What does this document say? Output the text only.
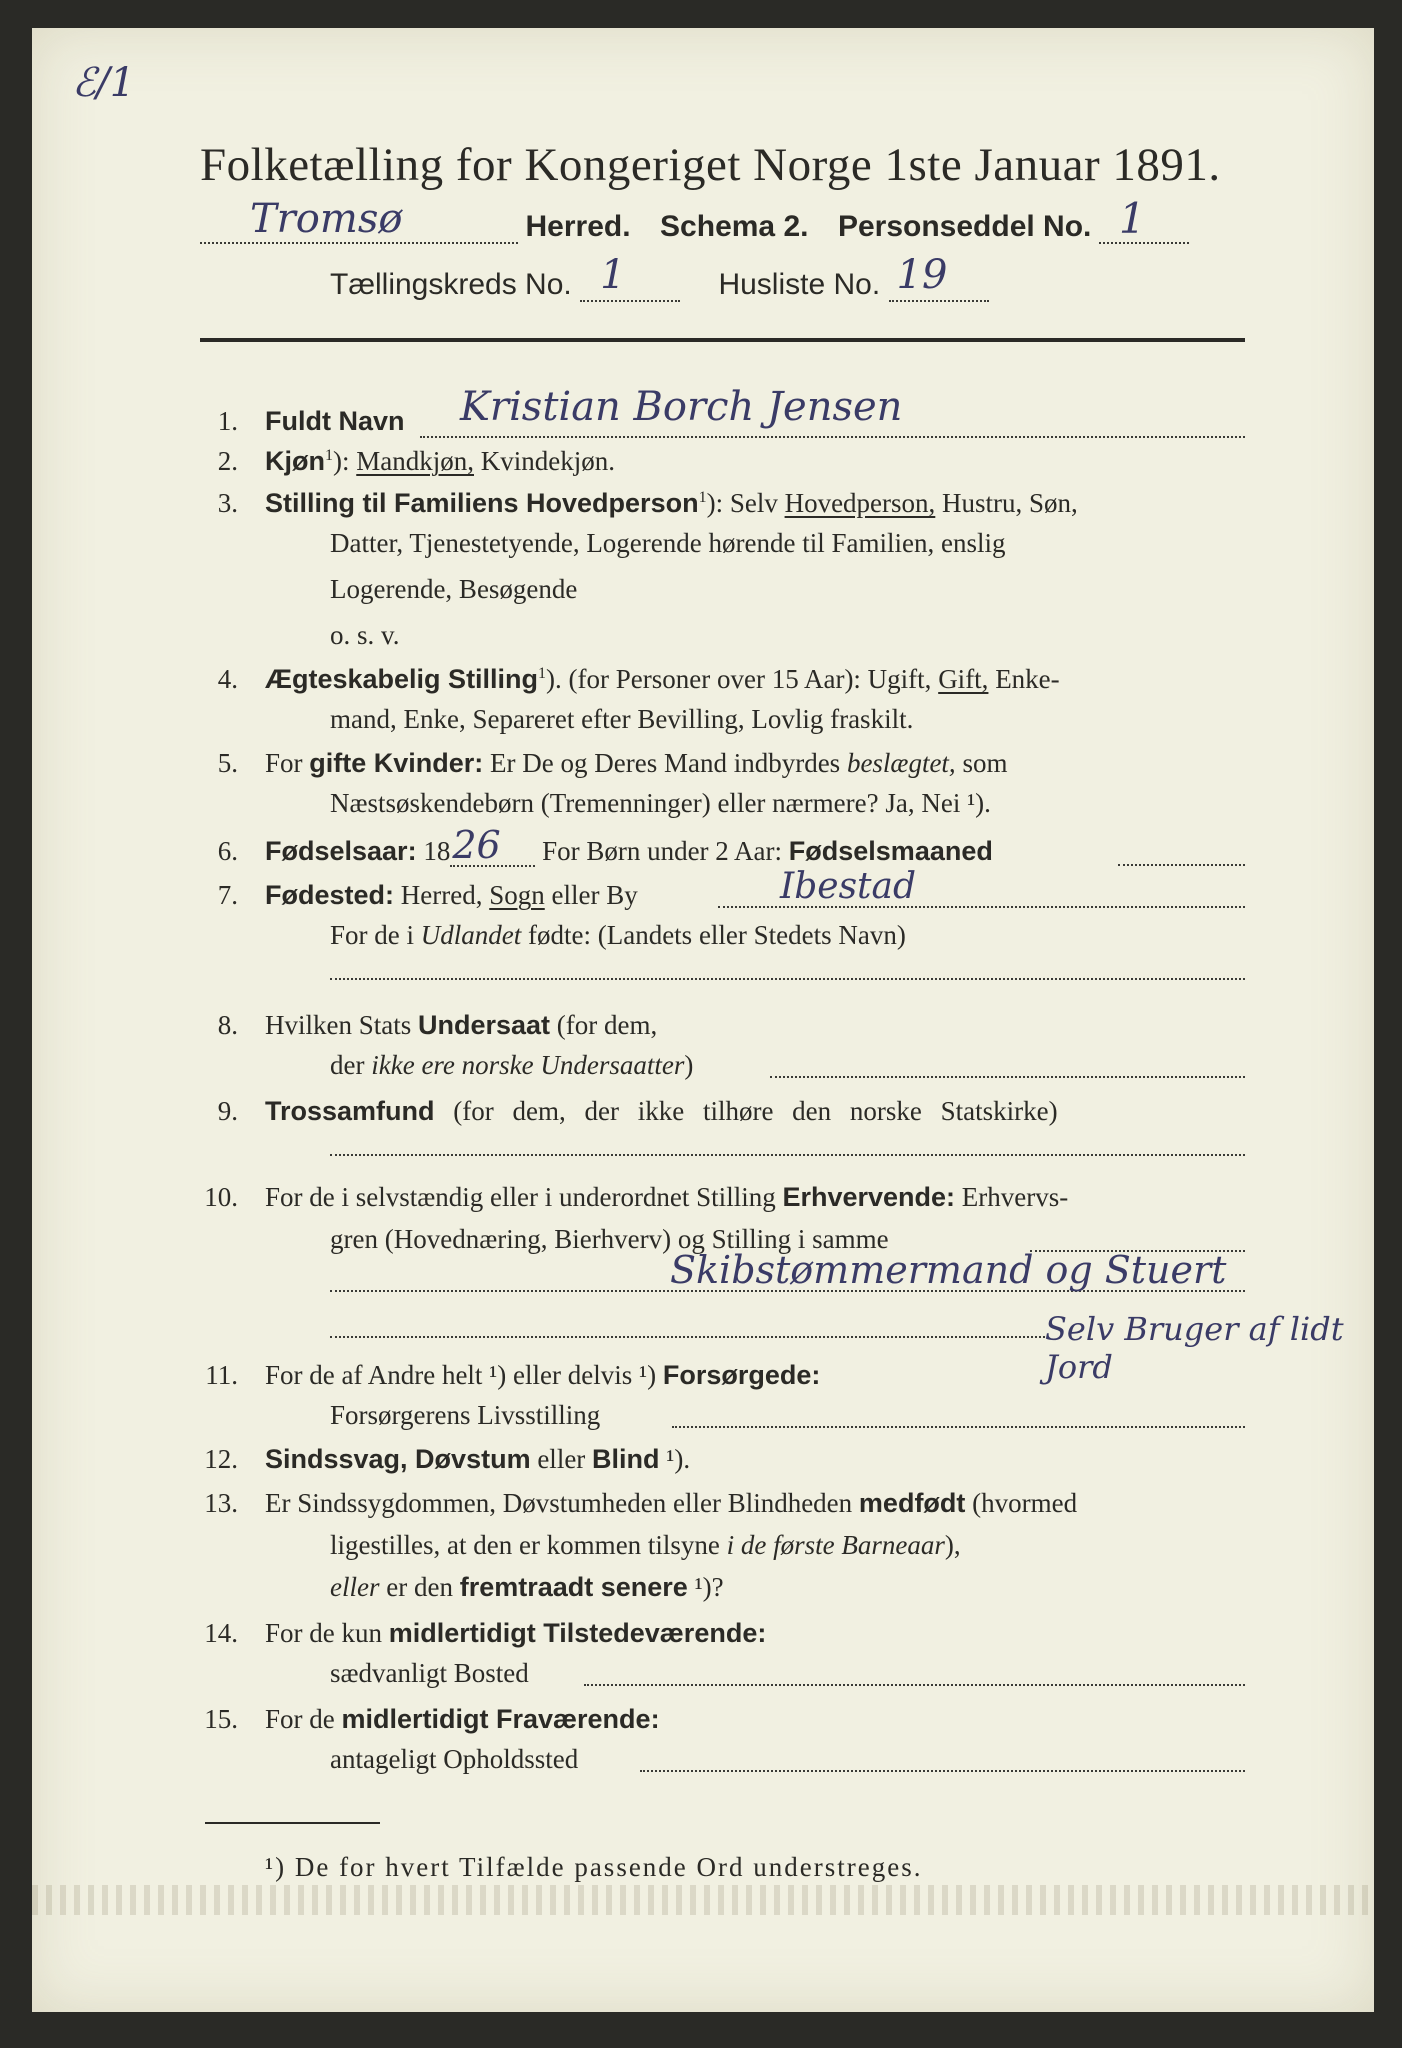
ℰ/1
Folketælling for Kongeriget Norge 1ste Januar 1891.
Tromsø	Herred. Schema 2. Personseddel No. 1
Tællingskreds No. 1	Husliste No. 19
1. Fuldt Navn Kristian Borch Jensen
2. Kjøn$^1$): Mandkjøn, Kvindekjøn.
3. Stilling til Familiens Hovedperson$^1$): Selv Hovedperson, Hustru, Søn,
Datter, Tjenestetyende, Logerende hørende til Familien, enslig
Logerende, Besøgende
o. s. v.
4. Ægteskabelig Stilling$^1$). (for Personer over 15 Aar): Ugift, Gift, Enke-
mand, Enke, Separeret efter Bevilling, Lovlig fraskilt.
5. For gifte Kvinder: Er De og Deres Mand indbyrdes beslægtet, som
Næstsøskendebørn (Tremenninger) eller nærmere? Ja, Nei ¹).
6. Fødselsaar: 18 26 For Børn under 2 Aar: Fødselsmaaned
7. Fødested: Herred, Sogn eller By	Ibestad
For de i Udlandet fødte: (Landets eller Stedets Navn)
8. Hvilken Stats Undersaat (for dem,
der ikke ere norske Undersaatter)
9. Trossamfund (for dem, der ikke tilhøre den norske Statskirke)
10. For de i selvstændig eller i underordnet Stilling Erhvervende: Erhvervs-
gren (Hovednæring, Bierhverv) og Stilling i samme
Skibstømmermand og Stuert
Selv Bruger af lidt Jord
11. For de af Andre helt ¹) eller delvis ¹) Forsørgede:
Forsørgerens Livsstilling
12. Sindssvag, Døvstum eller Blind ¹).
13. Er Sindssygdommen, Døvstumheden eller Blindheden medfødt (hvormed
ligestilles, at den er kommen tilsyne i de første Barneaar),
eller er den fremtraadt senere ¹)?
14. For de kun midlertidigt Tilstedeværende:
sædvanligt Bosted
15. For de midlertidigt Fraværende:
antageligt Opholdssted
¹) De for hvert Tilfælde passende Ord understreges.
